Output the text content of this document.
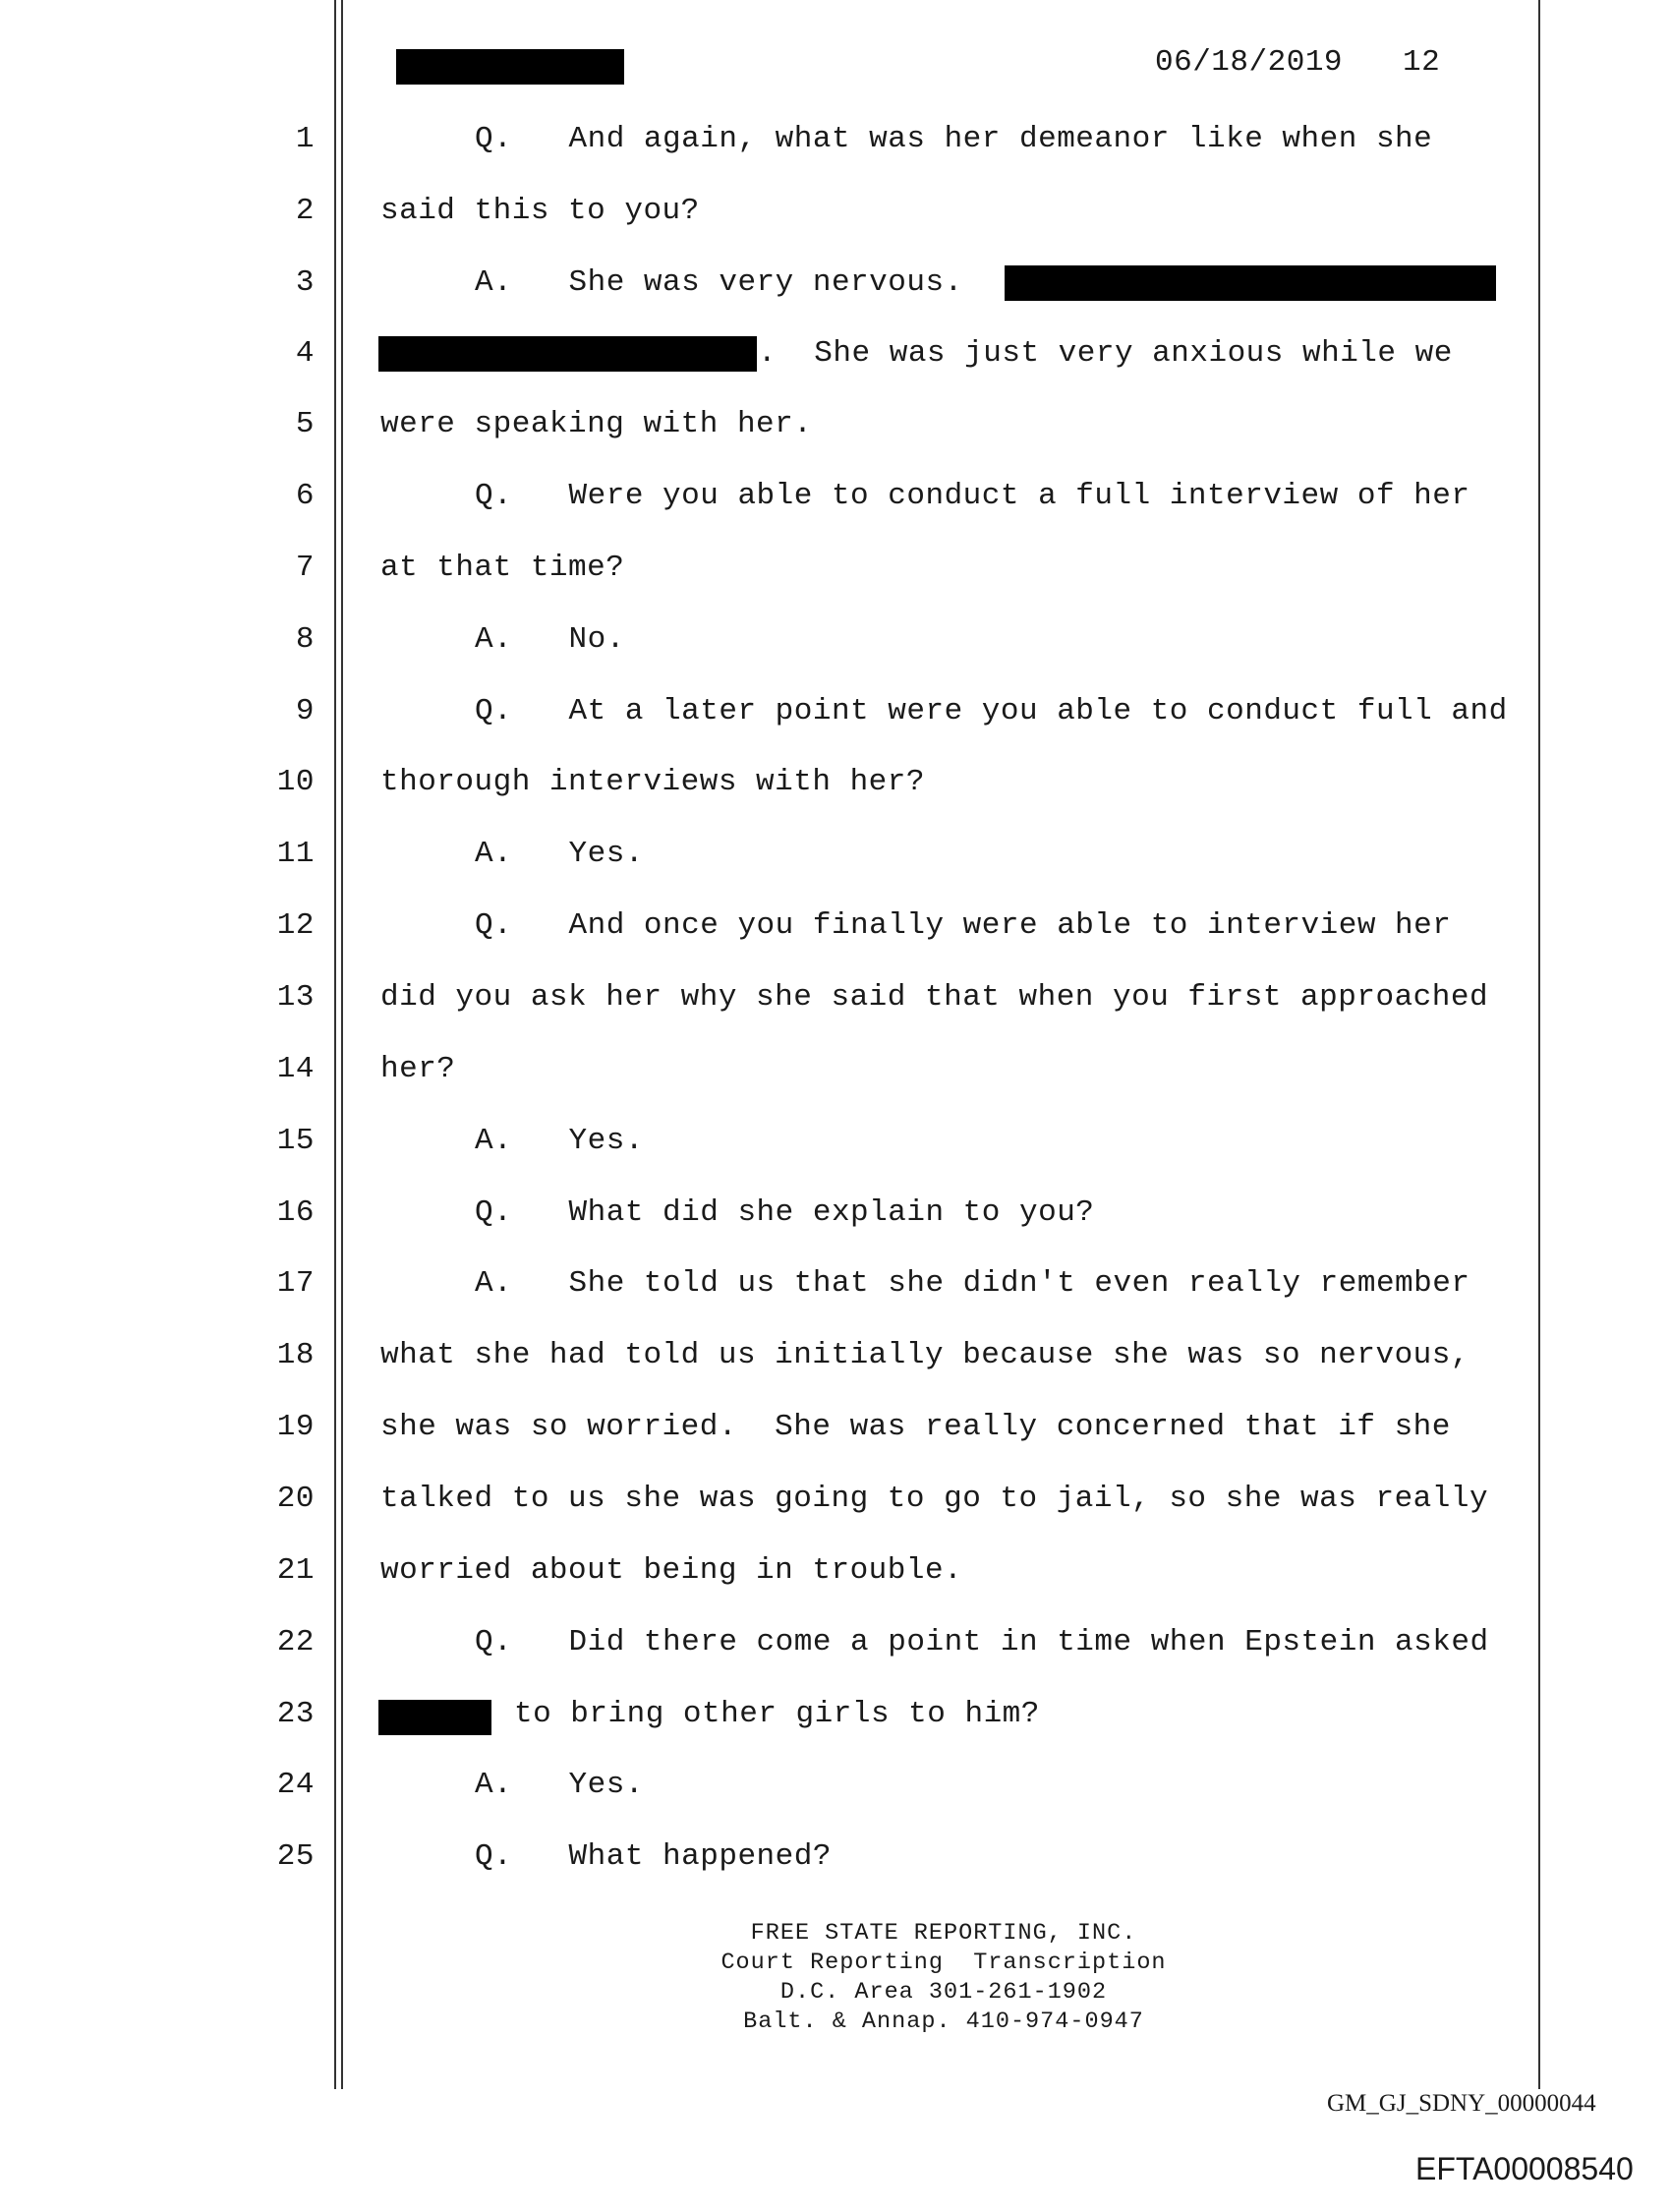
06/18/2019 12
1	Q.   And again, what was her demeanor like when she
2 said this to you?
3	A.   She was very nervous.
4	.  She was just very anxious while we
5 were speaking with her.
6	Q.   Were you able to conduct a full interview of her
7 at that time?
8	A.   No.
9	Q.   At a later point were you able to conduct full and
10 thorough interviews with her?
11	A.   Yes.
12	Q.   And once you finally were able to interview her
13 did you ask her why she said that when you first approached
14 her?
15	A.   Yes.
16	Q.   What did she explain to you?
17	A.   She told us that she didn't even really remember
18 what she had told us initially because she was so nervous,
19 she was so worried.  She was really concerned that if she
20 talked to us she was going to go to jail, so she was really
21 worried about being in trouble.
22	Q.   Did there come a point in time when Epstein asked
23	to bring other girls to him?
24	A.   Yes.
25	Q.   What happened?
FREE STATE REPORTING, INC.
Court Reporting  Transcription
D.C. Area 301-261-1902
Balt. & Annap. 410-974-0947
GM_GJ_SDNY_00000044
EFTA00008540
